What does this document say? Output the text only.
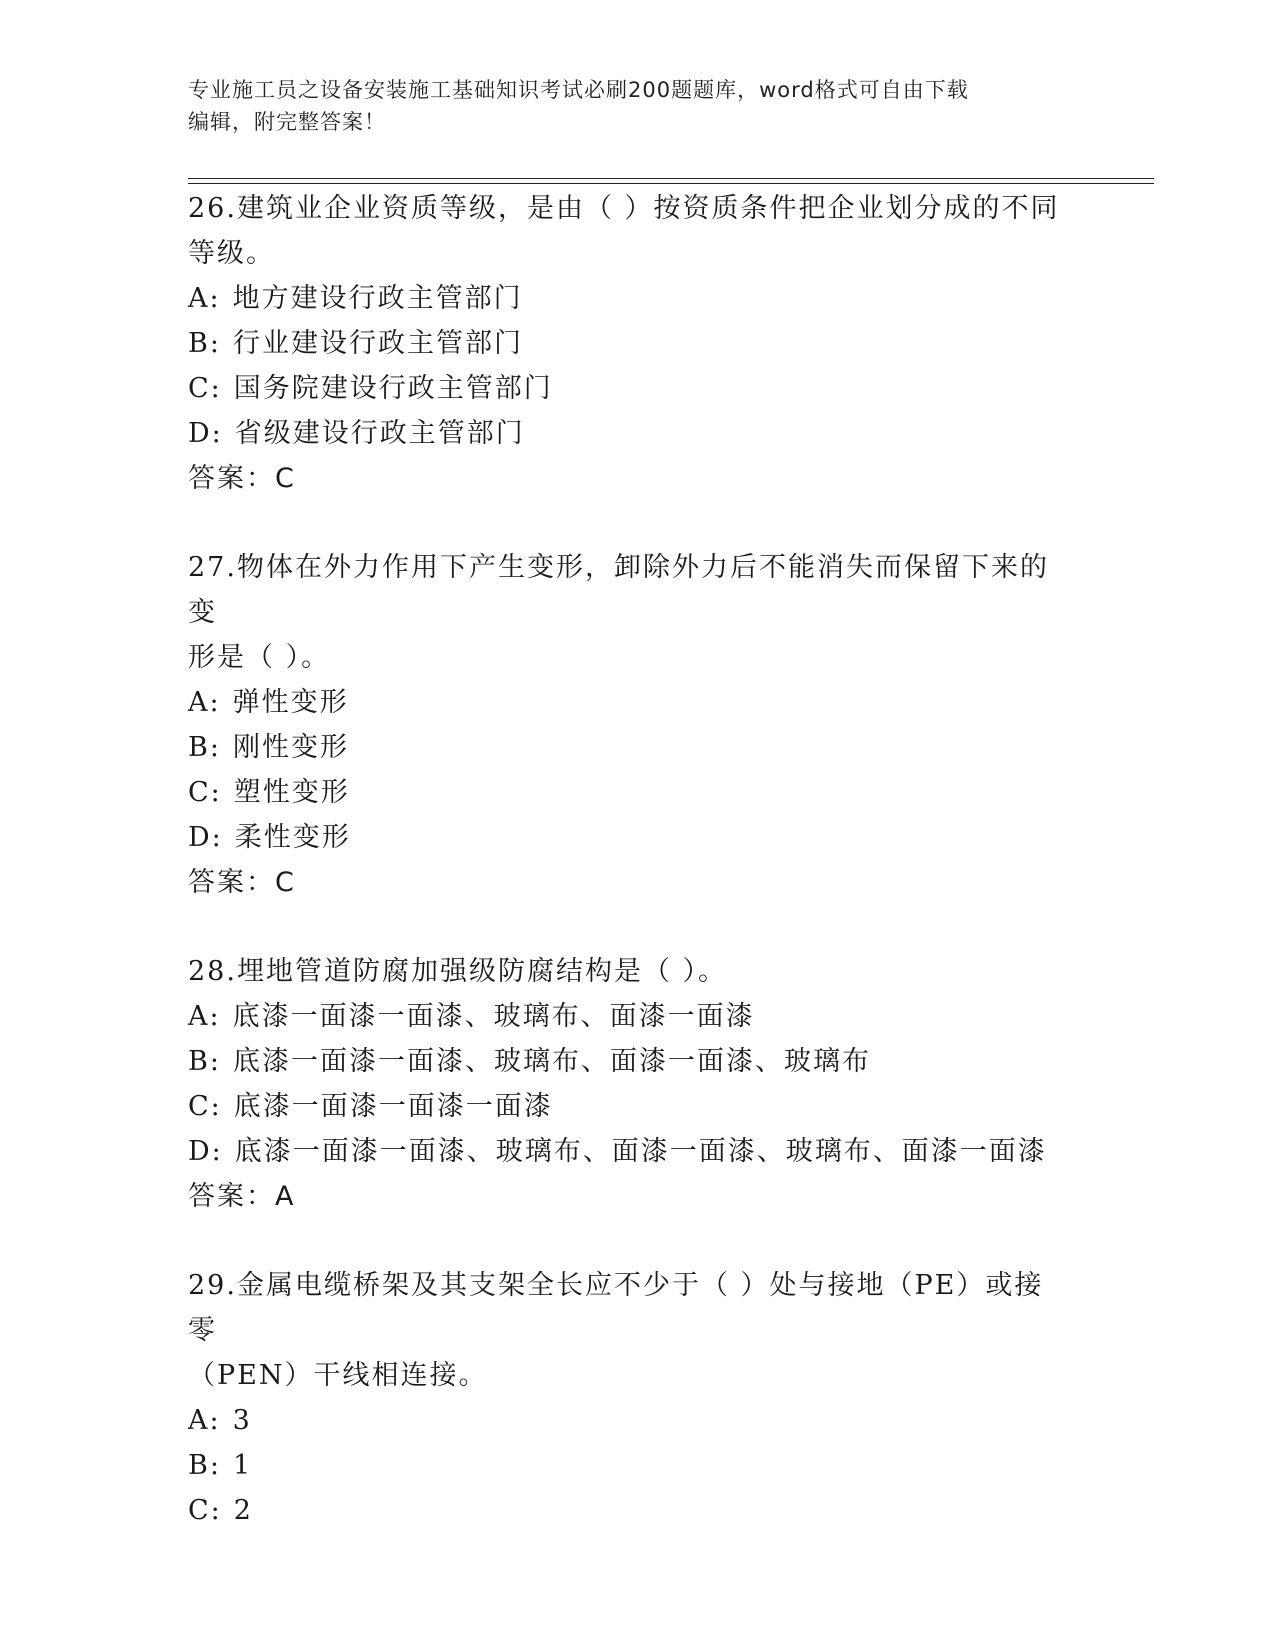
专业施工员之设备安装施工基础知识考试必刷200题题库，word格式可自由下载
编辑，附完整答案！

26.建筑业企业资质等级，是由（ ）按资质条件把企业划分成的不同
等级。

A: 地方建设行政主管部门

B: 行业建设行政主管部门

C: 国务院建设行政主管部门

D: 省级建设行政主管部门

答案：C

27.物体在外力作用下产生变形，卸除外力后不能消失而保留下来的变
形是（ ）。

A: 弹性变形

B: 刚性变形

C: 塑性变形

D: 柔性变形

答案：C

28.埋地管道防腐加强级防腐结构是（ ）。

A: 底漆一面漆一面漆、玻璃布、面漆一面漆

B: 底漆一面漆一面漆、玻璃布、面漆一面漆、玻璃布

C: 底漆一面漆一面漆一面漆

D: 底漆一面漆一面漆、玻璃布、面漆一面漆、玻璃布、面漆一面漆

答案：A

29.金属电缆桥架及其支架全长应不少于（ ）处与接地（PE）或接零
（PEN）干线相连接。

A: 3

B: 1

C: 2
